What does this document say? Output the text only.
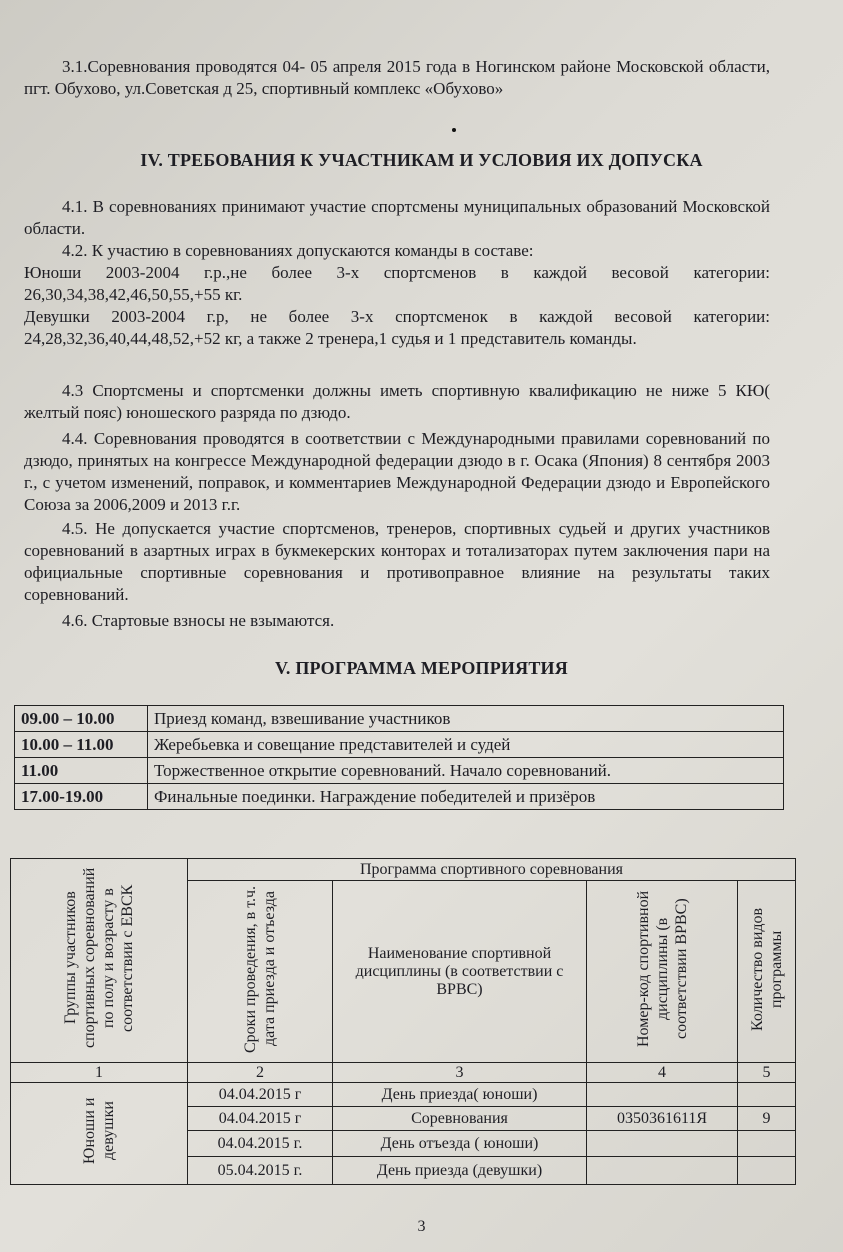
3.1.Соревнования проводятся 04- 05 апреля 2015 года в Ногинском районе Московской области, пгт. Обухово, ул.Советская д 25, спортивный комплекс «Обухово»

IV. ТРЕБОВАНИЯ К УЧАСТНИКАМ И УСЛОВИЯ ИХ ДОПУСКА

4.1. В соревнованиях принимают участие спортсмены муниципальных образований Московской области.

4.2. К участию в соревнованиях допускаются команды в составе:

Юноши 2003-2004 г.р.,не более 3-х спортсменов в каждой весовой категории: 26,30,34,38,42,46,50,55,+55 кг.

Девушки 2003-2004 г.р, не более 3-х спортсменок в каждой весовой категории: 24,28,32,36,40,44,48,52,+52 кг, а также 2 тренера,1 судья и 1 представитель команды.

4.3 Спортсмены и спортсменки должны иметь спортивную квалификацию не ниже 5 КЮ( желтый пояс) юношеского разряда по дзюдо.

4.4. Соревнования проводятся в соответствии с Международными правилами соревнований по дзюдо, принятых на конгрессе Международной федерации дзюдо в г. Осака (Япония) 8 сентября 2003 г., с учетом изменений, поправок, и комментариев Международной Федерации дзюдо и Европейского Союза за 2006,2009 и 2013 г.г.

4.5. Не допускается участие спортсменов, тренеров, спортивных судьей и других участников соревнований в азартных играх в букмекерских конторах и тотализаторах путем заключения пари на официальные спортивные соревнования и противоправное влияние на результаты таких соревнований.

4.6. Стартовые взносы не взымаются.

V. ПРОГРАММА МЕРОПРИЯТИЯ
09.00 – 10.00	Приезд команд, взвешивание участников
10.00 – 11.00	Жеребьевка и совещание представителей и судей
11.00	Торжественное открытие соревнований. Начало соревнований.
17.00-19.00	Финальные поединки. Награждение победителей и призёров
Группы участников спортивных соревнований по полу и возрасту в соответствии с ЕВСК	Программа спортивного соревнования			
	Сроки проведения, в т.ч. дата приезда и отъезда	Наименование спортивной дисциплины (в соответствии с ВРВС)	Номер-код спортивной дисциплины (в соответствии ВРВС)	Количество видов программы
1	2	3	4	5
Юноши и девушки	04.04.2015 г	День приезда( юноши)		
	04.04.2015 г	Соревнования	0350361611Я	9
	04.04.2015 г.	День отъезда ( юноши)		
	05.04.2015 г.	День приезда (девушки)		
3
